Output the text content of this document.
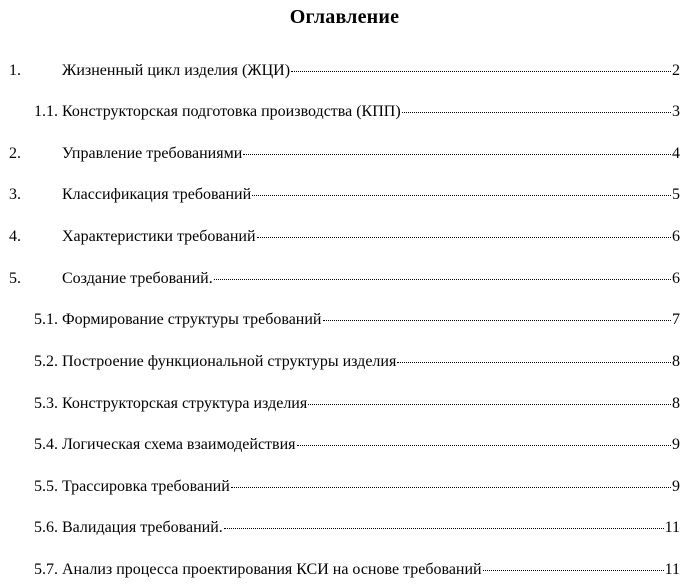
Оглавление
1.	Жизненный цикл изделия (ЖЦИ)	2
1.1. Конструкторская подготовка производства (КПП)	3
2.	Управление требованиями	4
3.	Классификация требований	5
4.	Характеристики требований	6
5.	Создание требований.	6
5.1. Формирование структуры требований	7
5.2. Построение функциональной структуры изделия	8
5.3. Конструкторская структура изделия	8
5.4. Логическая схема взаимодействия	9
5.5. Трассировка требований	9
5.6. Валидация требований.	11
5.7. Анализ процесса проектирования КСИ на основе требований	11
